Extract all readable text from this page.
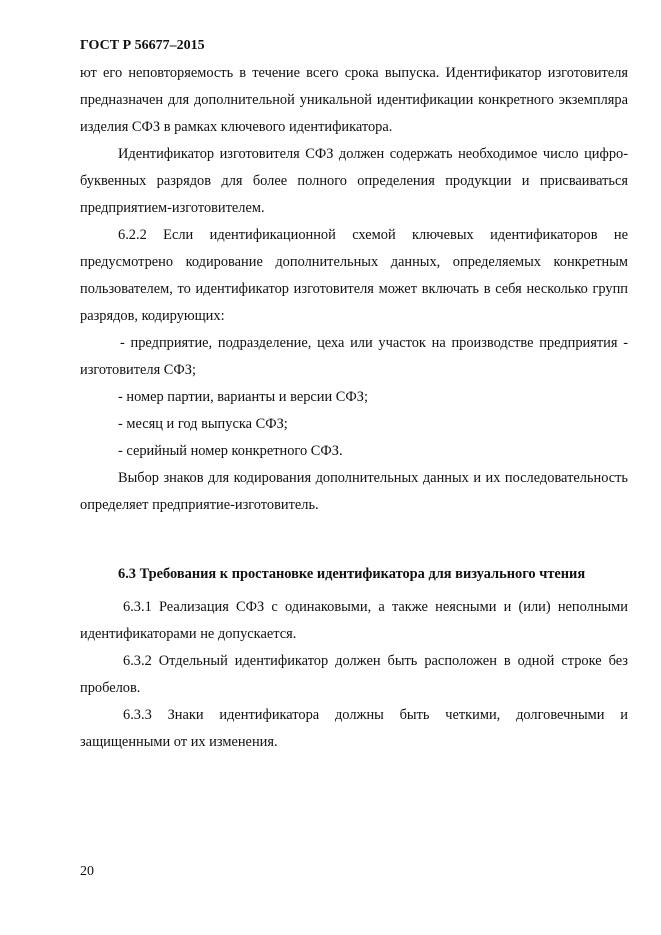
ГОСТ Р 56677–2015

ют его неповторяемость в течение всего срока выпуска. Идентификатор изготовителя предназначен для дополнительной уникальной идентификации конкретного экземпляра изделия СФЗ в рамках ключевого идентификатора.

Идентификатор изготовителя СФЗ должен содержать необходимое число цифро-буквенных разрядов для более полного определения продукции и присваиваться предприятием-изготовителем.

6.2.2 Если идентификационной схемой ключевых идентификаторов не предусмотрено кодирование дополнительных данных, определяемых конкретным пользователем, то идентификатор изготовителя может включать в себя несколько групп разрядов, кодирующих:

- предприятие, подразделение, цеха или участок на производстве предприятия - изготовителя СФЗ;

- номер партии, варианты и версии СФЗ;

- месяц и год выпуска СФЗ;

- серийный номер конкретного СФЗ.

Выбор знаков для кодирования дополнительных данных и их последовательность определяет предприятие-изготовитель.

6.3 Требования к простановке идентификатора для визуального чтения

6.3.1 Реализация СФЗ с одинаковыми, а также неясными и (или) неполными идентификаторами не допускается.

6.3.2 Отдельный идентификатор должен быть расположен в одной строке без пробелов.

6.3.3 Знаки идентификатора должны быть четкими, долговечными и защищенными от их изменения.

20
